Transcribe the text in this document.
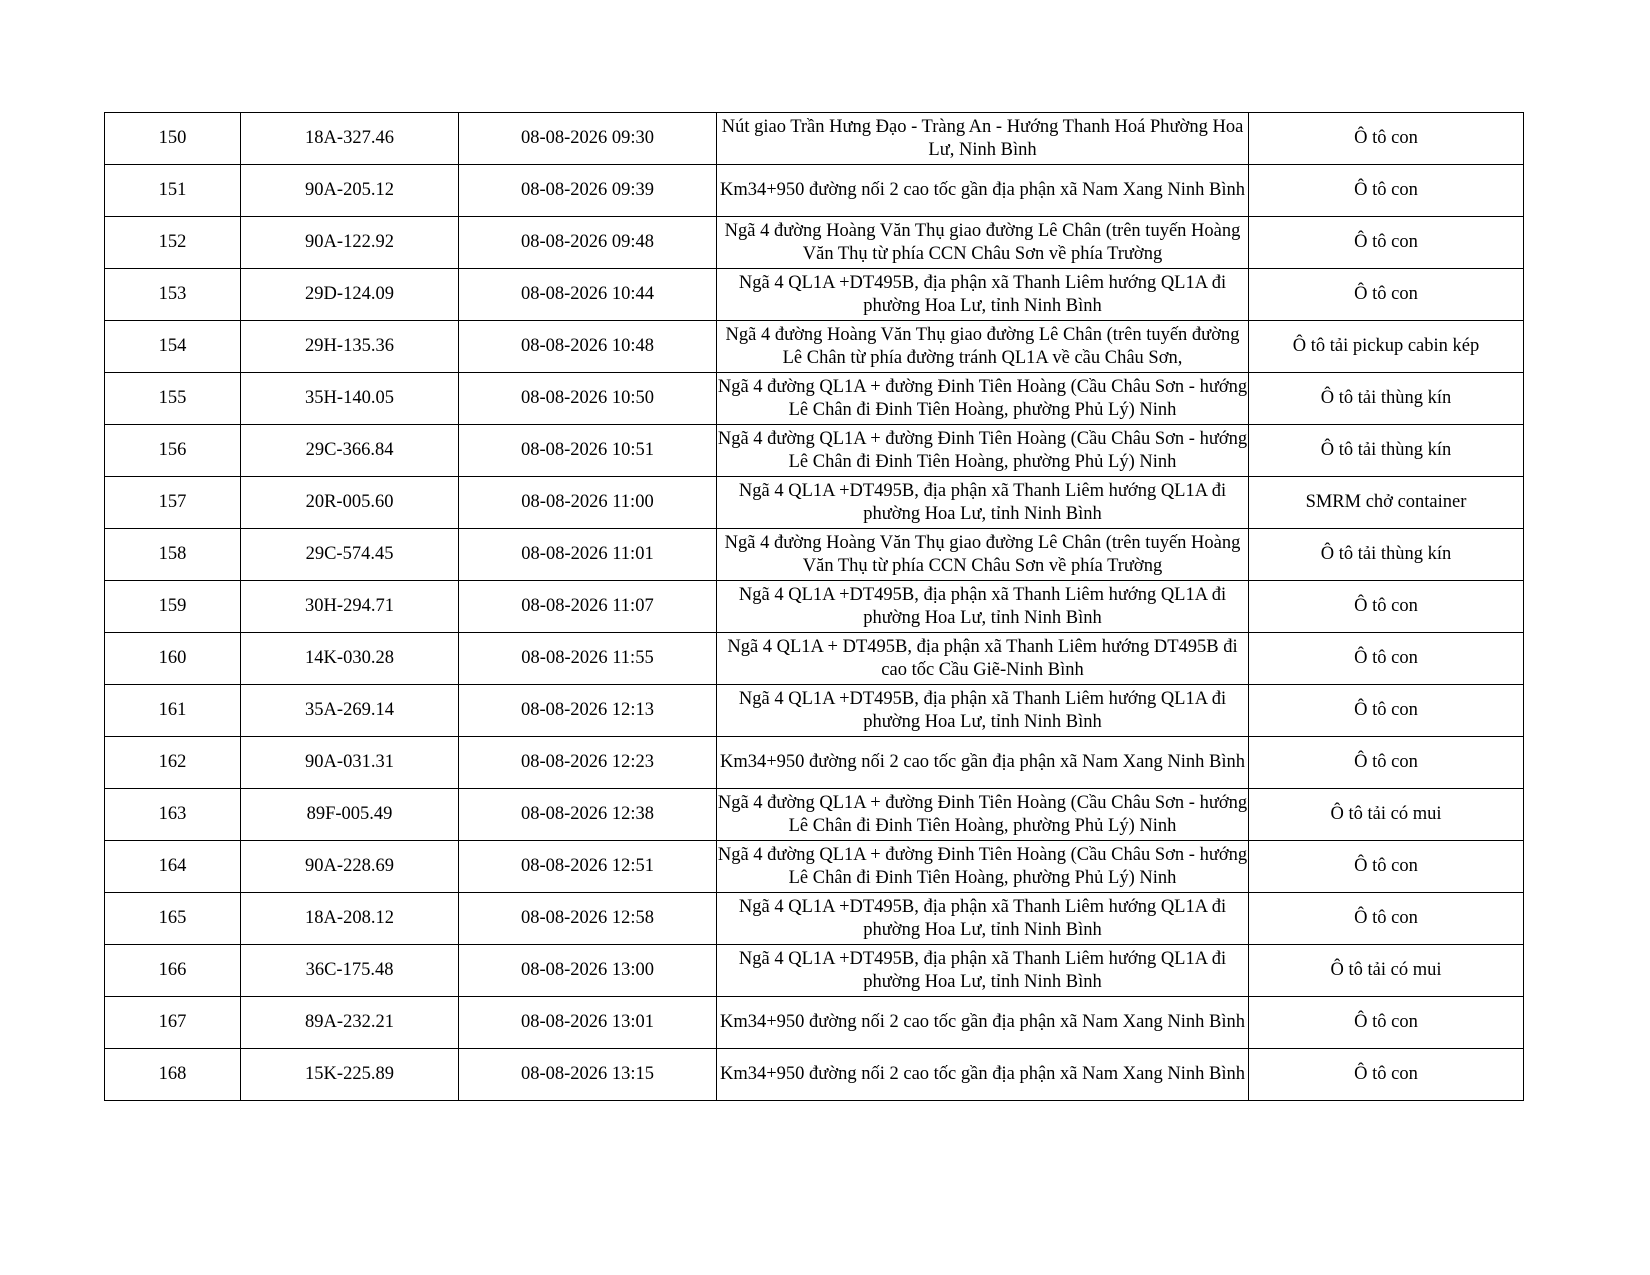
150	18A-327.46	08-08-2026 09:30	Nút giao Trần Hưng Đạo - Tràng An - Hướng Thanh Hoá Phường Hoa Lư, Ninh Bình	Ô tô con
151	90A-205.12	08-08-2026 09:39	Km34+950 đường nối 2 cao tốc gần địa phận xã Nam Xang Ninh Bình	Ô tô con
152	90A-122.92	08-08-2026 09:48	Ngã 4 đường Hoàng Văn Thụ giao đường Lê Chân (trên tuyến Hoàng Văn Thụ từ phía CCN Châu Sơn về phía Trường	Ô tô con
153	29D-124.09	08-08-2026 10:44	Ngã 4 QL1A +DT495B, địa phận xã Thanh Liêm hướng QL1A đi phường Hoa Lư, tỉnh Ninh Bình	Ô tô con
154	29H-135.36	08-08-2026 10:48	Ngã 4 đường Hoàng Văn Thụ giao đường Lê Chân (trên tuyến đường Lê Chân từ phía đường tránh QL1A về cầu Châu Sơn,	Ô tô tải pickup cabin kép
155	35H-140.05	08-08-2026 10:50	Ngã 4 đường QL1A + đường Đinh Tiên Hoàng (Cầu Châu Sơn - hướng Lê Chân đi Đinh Tiên Hoàng, phường Phủ Lý) Ninh	Ô tô tải thùng kín
156	29C-366.84	08-08-2026 10:51	Ngã 4 đường QL1A + đường Đinh Tiên Hoàng (Cầu Châu Sơn - hướng Lê Chân đi Đinh Tiên Hoàng, phường Phủ Lý) Ninh	Ô tô tải thùng kín
157	20R-005.60	08-08-2026 11:00	Ngã 4 QL1A +DT495B, địa phận xã Thanh Liêm hướng QL1A đi phường Hoa Lư, tỉnh Ninh Bình	SMRM chở container
158	29C-574.45	08-08-2026 11:01	Ngã 4 đường Hoàng Văn Thụ giao đường Lê Chân (trên tuyến Hoàng Văn Thụ từ phía CCN Châu Sơn về phía Trường	Ô tô tải thùng kín
159	30H-294.71	08-08-2026 11:07	Ngã 4 QL1A +DT495B, địa phận xã Thanh Liêm hướng QL1A đi phường Hoa Lư, tỉnh Ninh Bình	Ô tô con
160	14K-030.28	08-08-2026 11:55	Ngã 4 QL1A + DT495B, địa phận xã Thanh Liêm hướng DT495B đi cao tốc Cầu Giẽ-Ninh Bình	Ô tô con
161	35A-269.14	08-08-2026 12:13	Ngã 4 QL1A +DT495B, địa phận xã Thanh Liêm hướng QL1A đi phường Hoa Lư, tỉnh Ninh Bình	Ô tô con
162	90A-031.31	08-08-2026 12:23	Km34+950 đường nối 2 cao tốc gần địa phận xã Nam Xang Ninh Bình	Ô tô con
163	89F-005.49	08-08-2026 12:38	Ngã 4 đường QL1A + đường Đinh Tiên Hoàng (Cầu Châu Sơn - hướng Lê Chân đi Đinh Tiên Hoàng, phường Phủ Lý) Ninh	Ô tô tải có mui
164	90A-228.69	08-08-2026 12:51	Ngã 4 đường QL1A + đường Đinh Tiên Hoàng (Cầu Châu Sơn - hướng Lê Chân đi Đinh Tiên Hoàng, phường Phủ Lý) Ninh	Ô tô con
165	18A-208.12	08-08-2026 12:58	Ngã 4 QL1A +DT495B, địa phận xã Thanh Liêm hướng QL1A đi phường Hoa Lư, tỉnh Ninh Bình	Ô tô con
166	36C-175.48	08-08-2026 13:00	Ngã 4 QL1A +DT495B, địa phận xã Thanh Liêm hướng QL1A đi phường Hoa Lư, tỉnh Ninh Bình	Ô tô tải có mui
167	89A-232.21	08-08-2026 13:01	Km34+950 đường nối 2 cao tốc gần địa phận xã Nam Xang Ninh Bình	Ô tô con
168	15K-225.89	08-08-2026 13:15	Km34+950 đường nối 2 cao tốc gần địa phận xã Nam Xang Ninh Bình	Ô tô con
